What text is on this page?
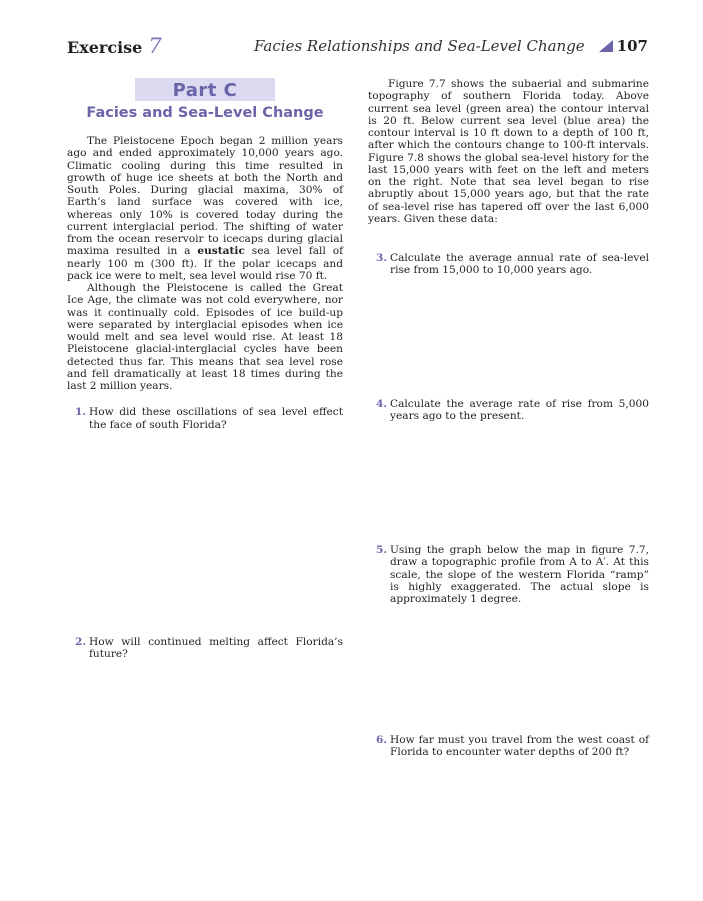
Exercise 7	Facies Relationships and Sea-Level Change 107
Part C
Facies and Sea-Level Change

The Pleistocene Epoch began 2 million years ago and ended approximately 10,000 years ago. Climatic cooling during this time resulted in growth of huge ice sheets at both the North and South Poles. During glacial maxima, 30% of Earth’s land surface was covered with ice, whereas only 10% is covered today during the current interglacial period. The shifting of water from the ocean reservoir to icecaps during glacial maxima resulted in a eustatic sea level fall of nearly 100 m (300 ft). If the polar icecaps and pack ice were to melt, sea level would rise 70 ft.

Although the Pleistocene is called the Great Ice Age, the climate was not cold everywhere, nor was it continually cold. Episodes of ice build-up were separated by interglacial episodes when ice would melt and sea level would rise. At least 18 Pleistocene glacial-interglacial cycles have been detected thus far. This means that sea level rose and fell dramatically at least 18 times during the last 2 million years.

1. How did these oscillations of sea level effect the face of south Florida?
2. How will continued melting affect Florida’s future?

Figure 7.7 shows the subaerial and submarine topography of southern Florida today. Above current sea level (green area) the contour interval is 20 ft. Below current sea level (blue area) the contour interval is 10 ft down to a depth of 100 ft, after which the contours change to 100-ft intervals. Figure 7.8 shows the global sea-level history for the last 15,000 years with feet on the left and meters on the right. Note that sea level began to rise abruptly about 15,000 years ago, but that the rate of sea-level rise has tapered off over the last 6,000 years. Given these data:

3. Calculate the average annual rate of sea-level rise from 15,000 to 10,000 years ago.
4. Calculate the average rate of rise from 5,000 years ago to the present.
5. Using the graph below the map in figure 7.7, draw a topographic profile from A to A′. At this scale, the slope of the western Florida “ramp” is highly exaggerated. The actual slope is approximately 1 degree.
6. How far must you travel from the west coast of Florida to encounter water depths of 200 ft?
